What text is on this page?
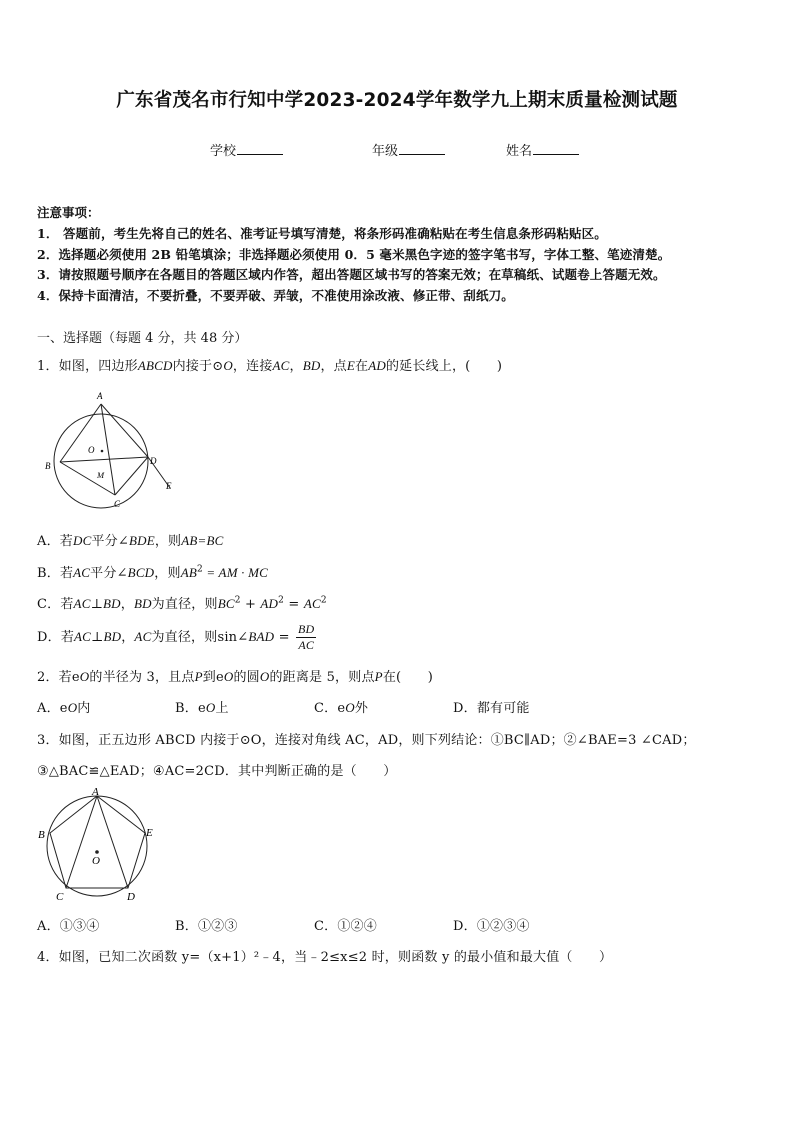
广东省茂名市行知中学2023-2024学年数学九上期末质量检测试题
学校	年级	姓名
注意事项：
1． 答题前，考生先将自己的姓名、准考证号填写清楚，将条形码准确粘贴在考生信息条形码粘贴区。
2．选择题必须使用 2B 铅笔填涂；非选择题必须使用 0．5 毫米黑色字迹的签字笔书写，字体工整、笔迹清楚。
3．请按照题号顺序在各题目的答题区域内作答，超出答题区域书写的答案无效；在草稿纸、试题卷上答题无效。
4．保持卡面清洁，不要折叠，不要弄破、弄皱，不准使用涂改液、修正带、刮纸刀。
一、选择题（每题 4 分，共 48 分）
1．如图，四边形ABCD内接于⊙O，连接AC，BD，点E在AD的延长线上，(　　)
A
B
C
D
E
O
M
A．若DC平分∠BDE，则AB=BC
B．若AC平分∠BCD，则$AB^2$ = AM · MC
C．若AC⊥BD，BD为直径，则$BC^2 + AD^2 = AC^2$
D．若AC⊥BD，AC为直径，则sin∠BAD = $\frac{BD}{AC}$
2．若eO的半径为 3，且点P到eO的圆O的距离是 5，则点P在(　　)
A．eO内	B．eO上	C．eO外	D．都有可能
3．如图，正五边形 ABCD 内接于⊙O，连接对角线 AC，AD，则下列结论：①BC∥AD；②∠BAE=3 ∠CAD；
③△BAC≌△EAD；④AC=2CD．其中判断正确的是（　　）
A
B
C	D
E
O
A．①③④	B．①②③	C．①②④	D．①②③④
4．如图，已知二次函数 y=（x+1）²﹣4，当﹣2≤x≤2 时，则函数 y 的最小值和最大值（　　）
